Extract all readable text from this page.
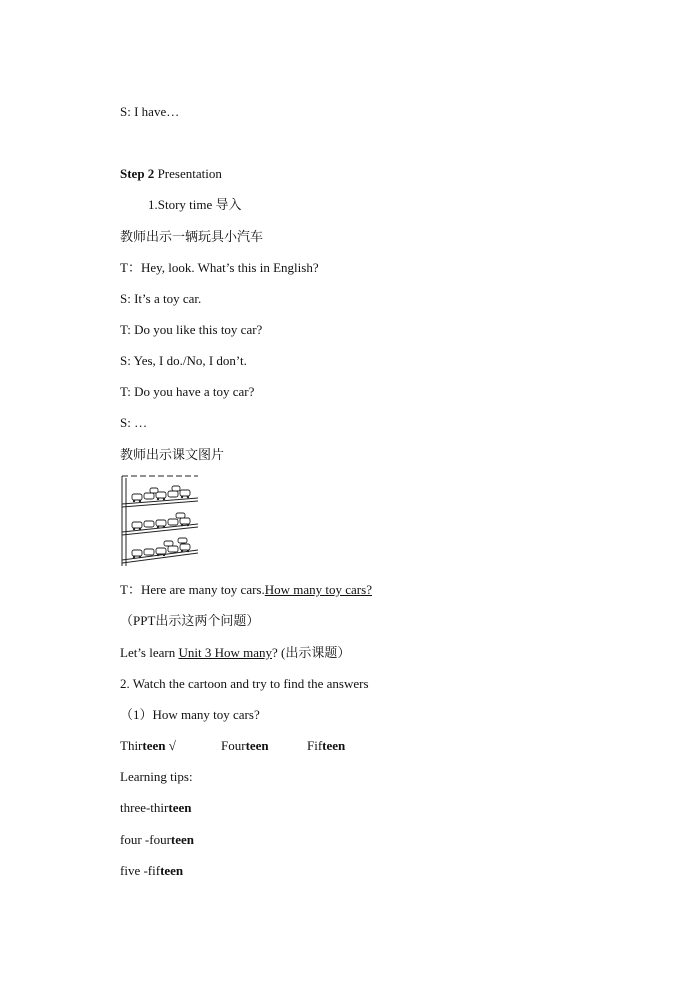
S: I have…
Step 2 Presentation
1.Story time 导入
教师出示一辆玩具小汽车
T：Hey, look. What’s this in English?
S: It’s a toy car.
T: Do you like this toy car?
S: Yes, I do./No, I don’t.
T: Do you have a toy car?
S: …
教师出示课文图片
T：Here are many toy cars.How many toy cars?
（PPT出示这两个问题）
Let’s learn Unit 3 How many? (出示课题）
2. Watch the cartoon and try to find the answers
（1）How many toy cars?
Thirteen √	Fourteen	Fifteen
Learning tips:
three-thirteen
four -fourteen
five -fifteen
